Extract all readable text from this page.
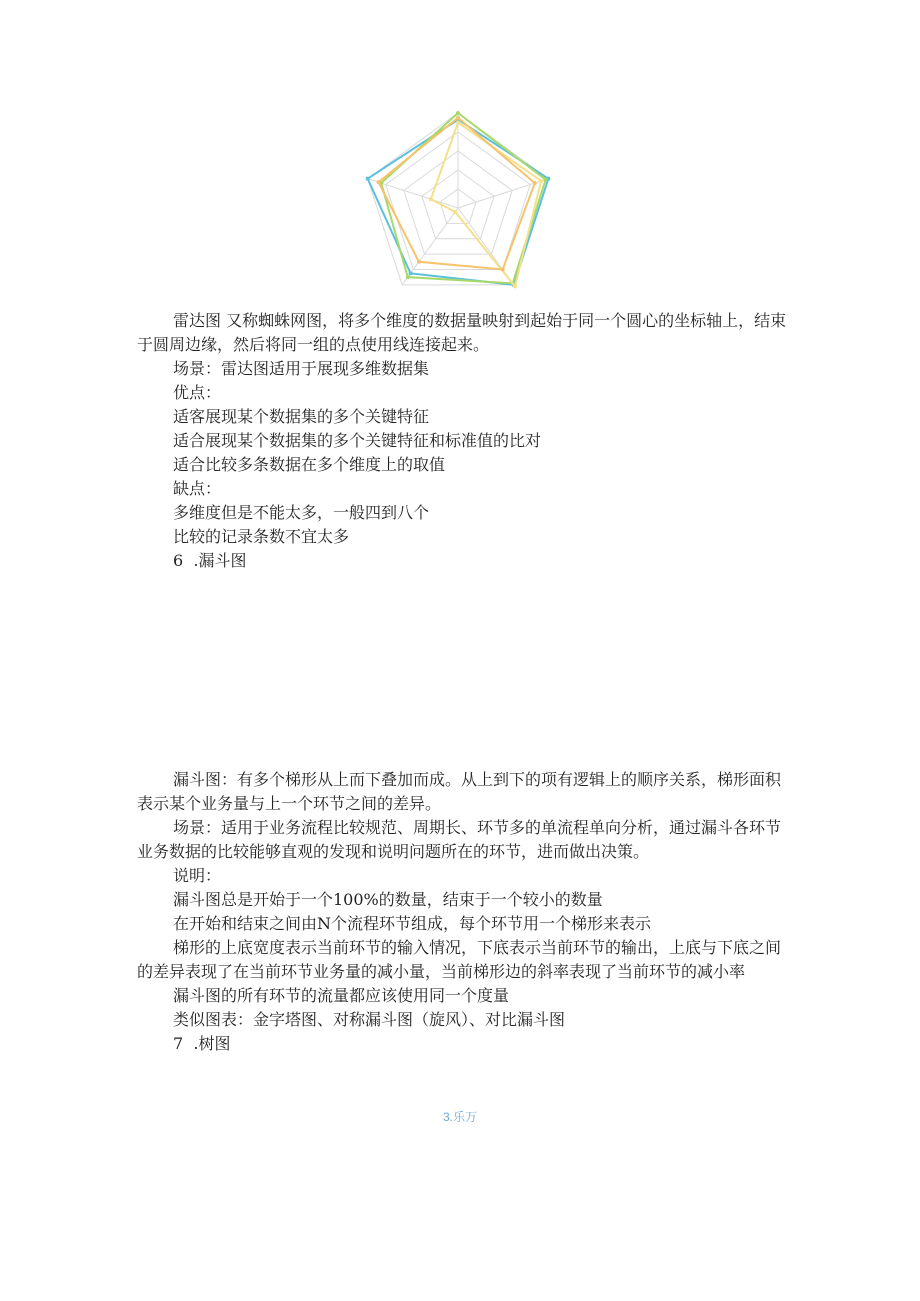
雷达图 又称蜘蛛网图，将多个维度的数据量映射到起始于同一个圆心的坐标轴上，结束于圆周边缘，然后将同一组的点使用线连接起来。

场景：雷达图适用于展现多维数据集

优点：

适客展现某个数据集的多个关键特征

适合展现某个数据集的多个关键特征和标准值的比对

适合比较多条数据在多个维度上的取值

缺点：

多维度但是不能太多，一般四到八个

比较的记录条数不宜太多

6  .漏斗图

漏斗图：有多个梯形从上而下叠加而成。从上到下的项有逻辑上的顺序关系，梯形面积表示某个业务量与上一个环节之间的差异。

场景：适用于业务流程比较规范、周期长、环节多的单流程单向分析，通过漏斗各环节业务数据的比较能够直观的发现和说明问题所在的环节，进而做出决策。

说明：

漏斗图总是开始于一个100%的数量，结束于一个较小的数量

在开始和结束之间由N个流程环节组成，每个环节用一个梯形来表示

梯形的上底宽度表示当前环节的输入情况，下底表示当前环节的输出，上底与下底之间的差异表现了在当前环节业务量的减小量，当前梯形边的斜率表现了当前环节的减小率

漏斗图的所有环节的流量都应该使用同一个度量

类似图表：金字塔图、对称漏斗图（旋风）、对比漏斗图

7  .树图

3.乐万
